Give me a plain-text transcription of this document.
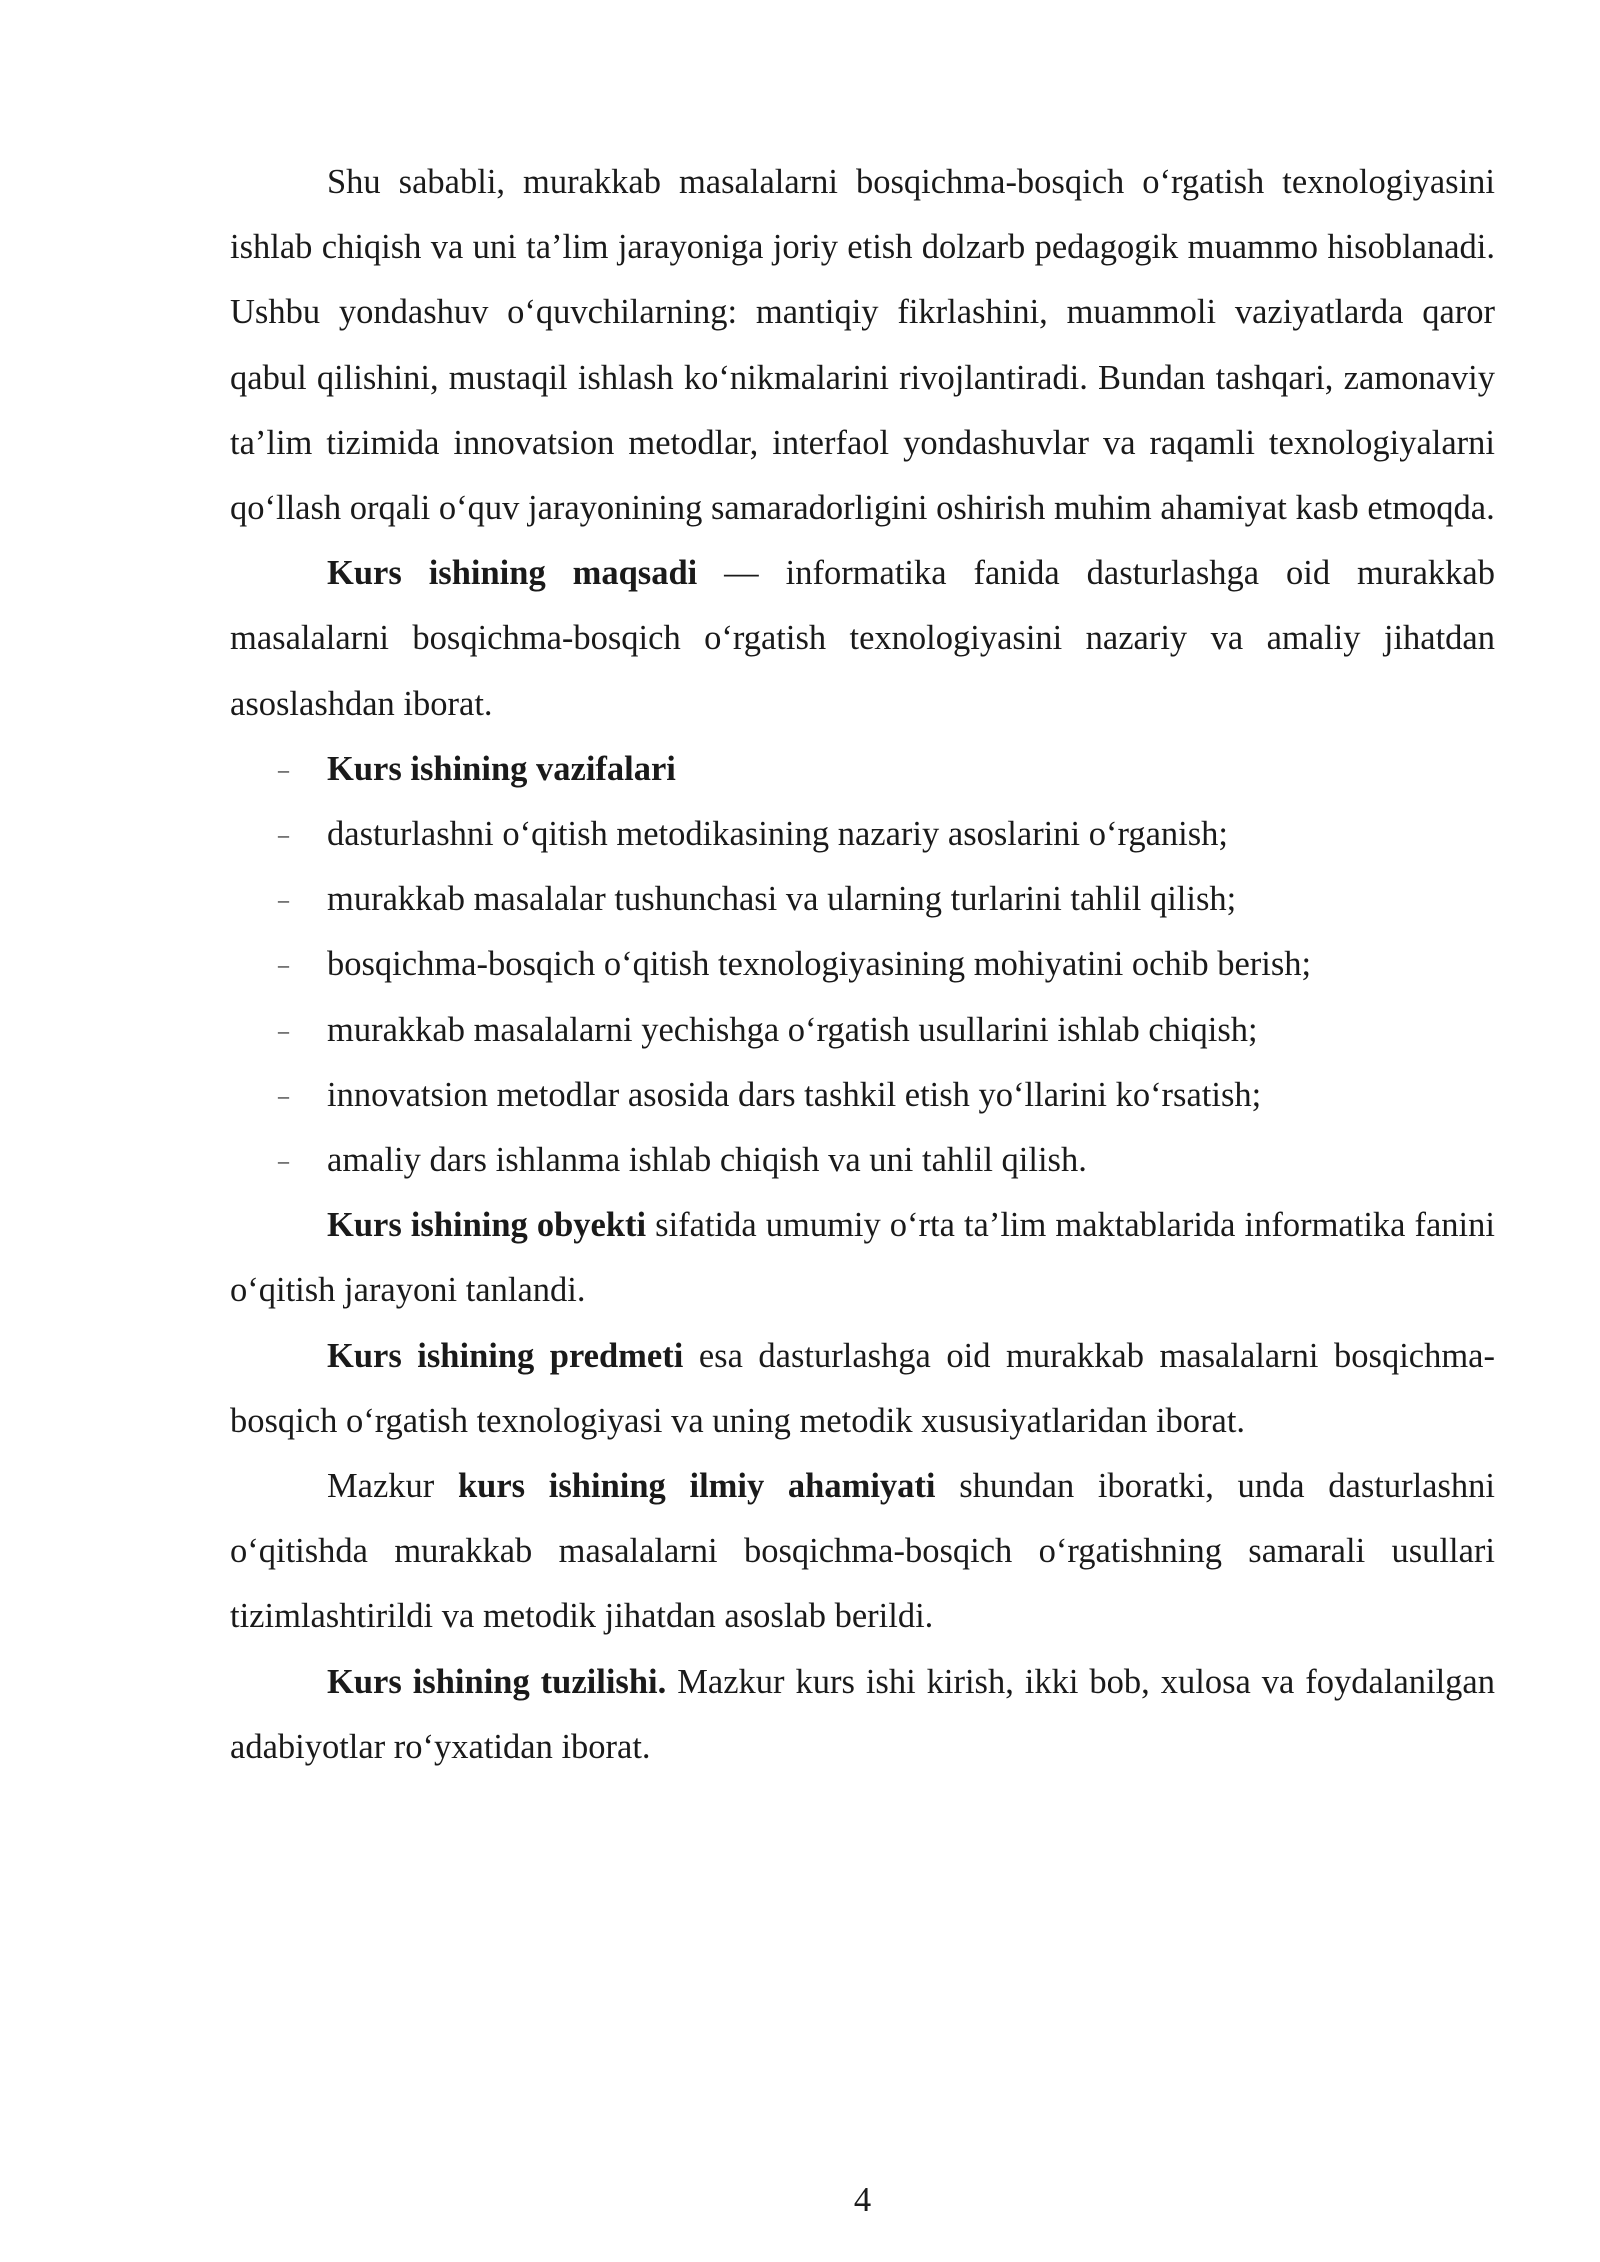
Shu sababli, murakkab masalalarni bosqichma-bosqich o‘rgatish texnologiyasini ishlab chiqish va uni ta’lim jarayoniga joriy etish dolzarb pedagogik muammo hisoblanadi. Ushbu yondashuv o‘quvchilarning: mantiqiy fikrlashini, muammoli vaziyatlarda qaror qabul qilishini, mustaqil ishlash ko‘nikmalarini rivojlantiradi. Bundan tashqari, zamonaviy ta’lim tizimida innovatsion metodlar, interfaol yondashuvlar va raqamli texnologiyalarni qo‘llash orqali o‘quv jarayonining samaradorligini oshirish muhim ahamiyat kasb etmoqda.

Kurs ishining maqsadi — informatika fanida dasturlashga oid murakkab masalalarni bosqichma-bosqich o‘rgatish texnologiyasini nazariy va amaliy jihatdan asoslashdan iborat.

– Kurs ishining vazifalari
– dasturlashni o‘qitish metodikasining nazariy asoslarini o‘rganish;
– murakkab masalalar tushunchasi va ularning turlarini tahlil qilish;
– bosqichma-bosqich o‘qitish texnologiyasining mohiyatini ochib berish;
– murakkab masalalarni yechishga o‘rgatish usullarini ishlab chiqish;
– innovatsion metodlar asosida dars tashkil etish yo‘llarini ko‘rsatish;
– amaliy dars ishlanma ishlab chiqish va uni tahlil qilish.

Kurs ishining obyekti sifatida umumiy o‘rta ta’lim maktablarida informatika fanini o‘qitish jarayoni tanlandi.

Kurs ishining predmeti esa dasturlashga oid murakkab masalalarni bosqichma-bosqich o‘rgatish texnologiyasi va uning metodik xususiyatlaridan iborat.

Mazkur kurs ishining ilmiy ahamiyati shundan iboratki, unda dasturlashni o‘qitishda murakkab masalalarni bosqichma-bosqich o‘rgatishning samarali usullari tizimlashtirildi va metodik jihatdan asoslab berildi.

Kurs ishining tuzilishi. Mazkur kurs ishi kirish, ikki bob, xulosa va foydalanilgan adabiyotlar ro‘yxatidan iborat.

4
